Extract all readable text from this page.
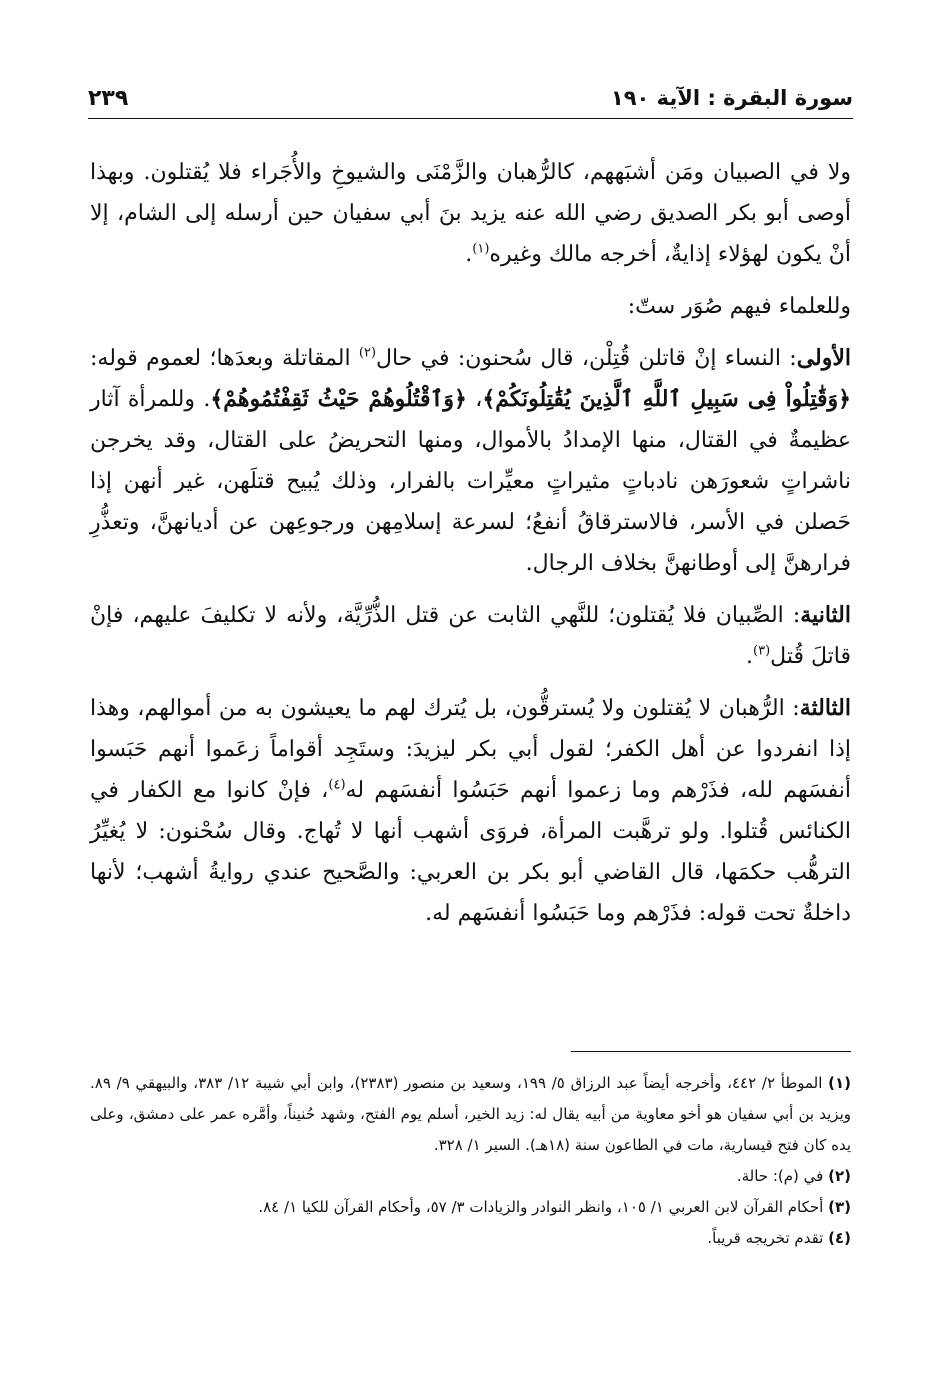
سورة البقرة : الآية ١٩٠
٢٣٩

ولا في الصبيان ومَن أشبَههم، كالرُّهبان والزَّمْنَى والشيوخِ والأُجَراء فلا يُقتلون. وبهذا أوصى أبو بكر الصديق رضي الله عنه يزيد بنَ أبي سفيان حين أرسله إلى الشام، إلا أنْ يكون لهؤلاء إذايةٌ، أخرجه مالك وغيره$^{(١)}$.

وللعلماء فيهم صُوَر ستّ:

الأولى: النساء إنْ قاتلن قُتِلْن، قال سُحنون: في حال$^{(٢)}$ المقاتلة وبعدَها؛ لعموم قوله: ﴿وَقَٰتِلُواْ فِى سَبِيلِ ٱللَّهِ ٱلَّذِينَ يُقَٰتِلُونَكُمْ﴾، ﴿وَٱقْتُلُوهُمْ حَيْثُ ثَقِفْتُمُوهُمْ﴾. وللمرأة آثار عظيمةٌ في القتال، منها الإمدادُ بالأموال، ومنها التحريضُ على القتال، وقد يخرجن ناشراتٍ شعورَهن نادباتٍ مثيراتٍ معيِّرات بالفرار، وذلك يُبيح قتلَهن، غير أنهن إذا حَصلن في الأسر، فالاسترقاقُ أنفعُ؛ لسرعة إسلامِهن ورجوعِهن عن أديانهنَّ، وتعذُّرِ فرارهنَّ إلى أوطانهنَّ بخلاف الرجال.

الثانية: الصِّبيان فلا يُقتلون؛ للنَّهي الثابت عن قتل الذُّرِّيَّة، ولأنه لا تكليفَ عليهم، فإنْ قاتلَ قُتل$^{(٣)}$.

الثالثة: الرُّهبان لا يُقتلون ولا يُسترقُّون، بل يُترك لهم ما يعيشون به من أموالهم، وهذا إذا انفردوا عن أهل الكفر؛ لقول أبي بكر ليزيدَ: وستَجِد أقواماً زعَموا أنهم حَبَسوا أنفسَهم لله، فذَرْهم وما زعموا أنهم حَبَسُوا أنفسَهم له$^{(٤)}$، فإنْ كانوا مع الكفار في الكنائس قُتلوا. ولو ترهَّبت المرأة، فروَى أشهب أنها لا تُهاج. وقال سُحْنون: لا يُغيِّرُ الترهُّب حكمَها، قال القاضي أبو بكر بن العربي: والصَّحيح عندي روايةُ أشهب؛ لأنها داخلةٌ تحت قوله: فذَرْهم وما حَبَسُوا أنفسَهم له.

(١) الموطأ ٢/ ٤٤٢، وأخرجه أيضاً عبد الرزاق ٥/ ١٩٩، وسعيد بن منصور (٢٣٨٣)، وابن أبي شيبة ١٢/ ٣٨٣، والبيهقي ٩/ ٨٩. ويزيد بن أبي سفيان هو أخو معاوية من أبيه يقال له: زيد الخير، أسلم يوم الفتح، وشهد حُنيناً، وأمَّره عمر على دمشق، وعلى يده كان فتح قيسارية، مات في الطاعون سنة (١٨هـ). السير ١/ ٣٢٨.

(٢) في (م): حالة.

(٣) أحكام القرآن لابن العربي ١/ ١٠٥، وانظر النوادر والزيادات ٣/ ٥٧، وأحكام القرآن للكيا ١/ ٨٤.

(٤) تقدم تخريجه قريباً.
